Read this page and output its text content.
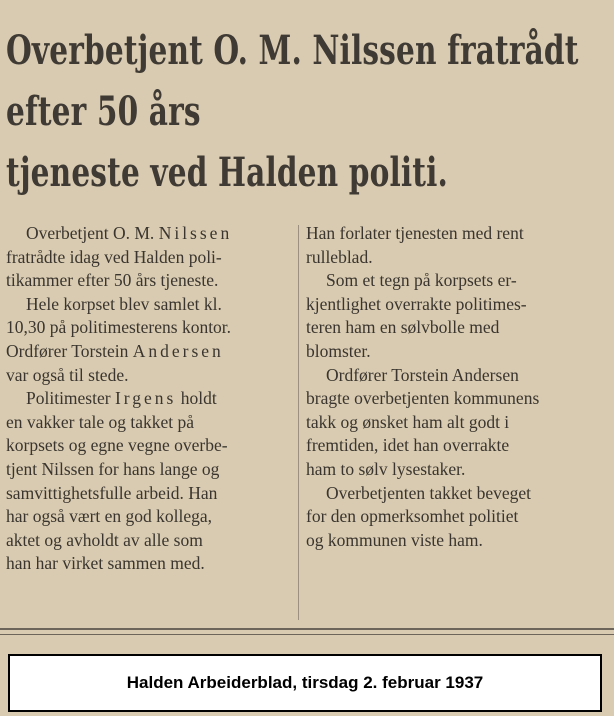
Overbetjent O. M. Nilssen fratrådt
efter 50 års
tjeneste ved Halden politi.
Overbetjent O. M. Nilssen
fratrådte idag ved Halden poli-
tikammer efter 50 års tjeneste.
Hele korpset blev samlet kl.
10,30 på politimesterens kontor.
Ordfører Torstein Andersen
var også til stede.
Politimester Irgens holdt
en vakker tale og takket på
korpsets og egne vegne overbe-
tjent Nilssen for hans lange og
samvittighetsfulle arbeid. Han
har også vært en god kollega,
aktet og avholdt av alle som
han har virket sammen med.
Han forlater tjenesten med rent
rulleblad.
Som et tegn på korpsets er-
kjentlighet overrakte politimes-
teren ham en sølvbolle med
blomster.
Ordfører Torstein Andersen
bragte overbetjenten kommunens
takk og ønsket ham alt godt i
fremtiden, idet han overrakte
ham to sølv lysestaker.
Overbetjenten takket beveget
for den opmerksomhet politiet
og kommunen viste ham.
Halden Arbeiderblad, tirsdag 2. februar 1937
